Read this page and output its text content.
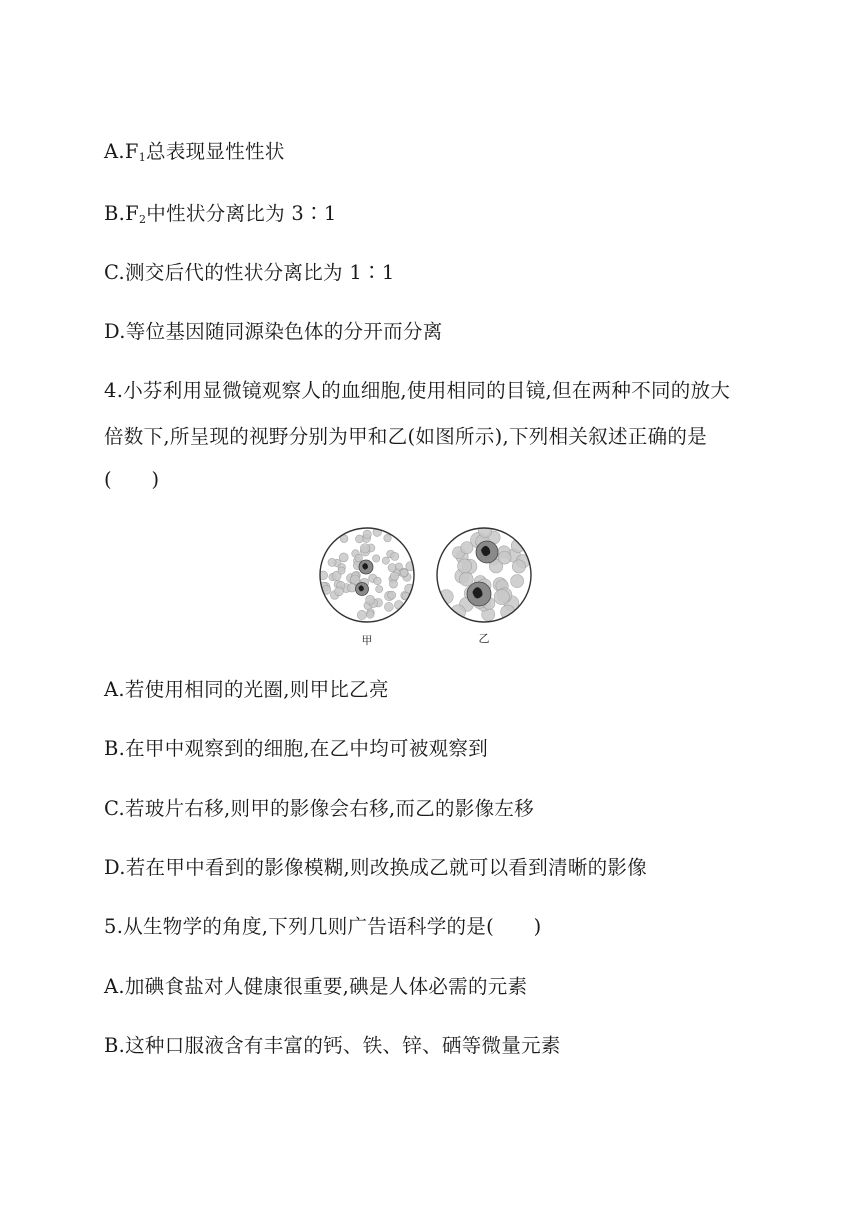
$A.F_1$总表现显性性状
$B.F_2$中性状分离比为 3∶1
C.测交后代的性状分离比为 1∶1
D.等位基因随同源染色体的分开而分离
4.小芬利用显微镜观察人的血细胞,使用相同的目镜,但在两种不同的放大
倍数下,所呈现的视野分别为甲和乙(如图所示),下列相关叙述正确的是
(　　)
甲	乙
A.若使用相同的光圈,则甲比乙亮
B.在甲中观察到的细胞,在乙中均可被观察到
C.若玻片右移,则甲的影像会右移,而乙的影像左移
D.若在甲中看到的影像模糊,则改换成乙就可以看到清晰的影像
5.从生物学的角度,下列几则广告语科学的是(　　)
A.加碘食盐对人健康很重要,碘是人体必需的元素
B.这种口服液含有丰富的钙、铁、锌、硒等微量元素
